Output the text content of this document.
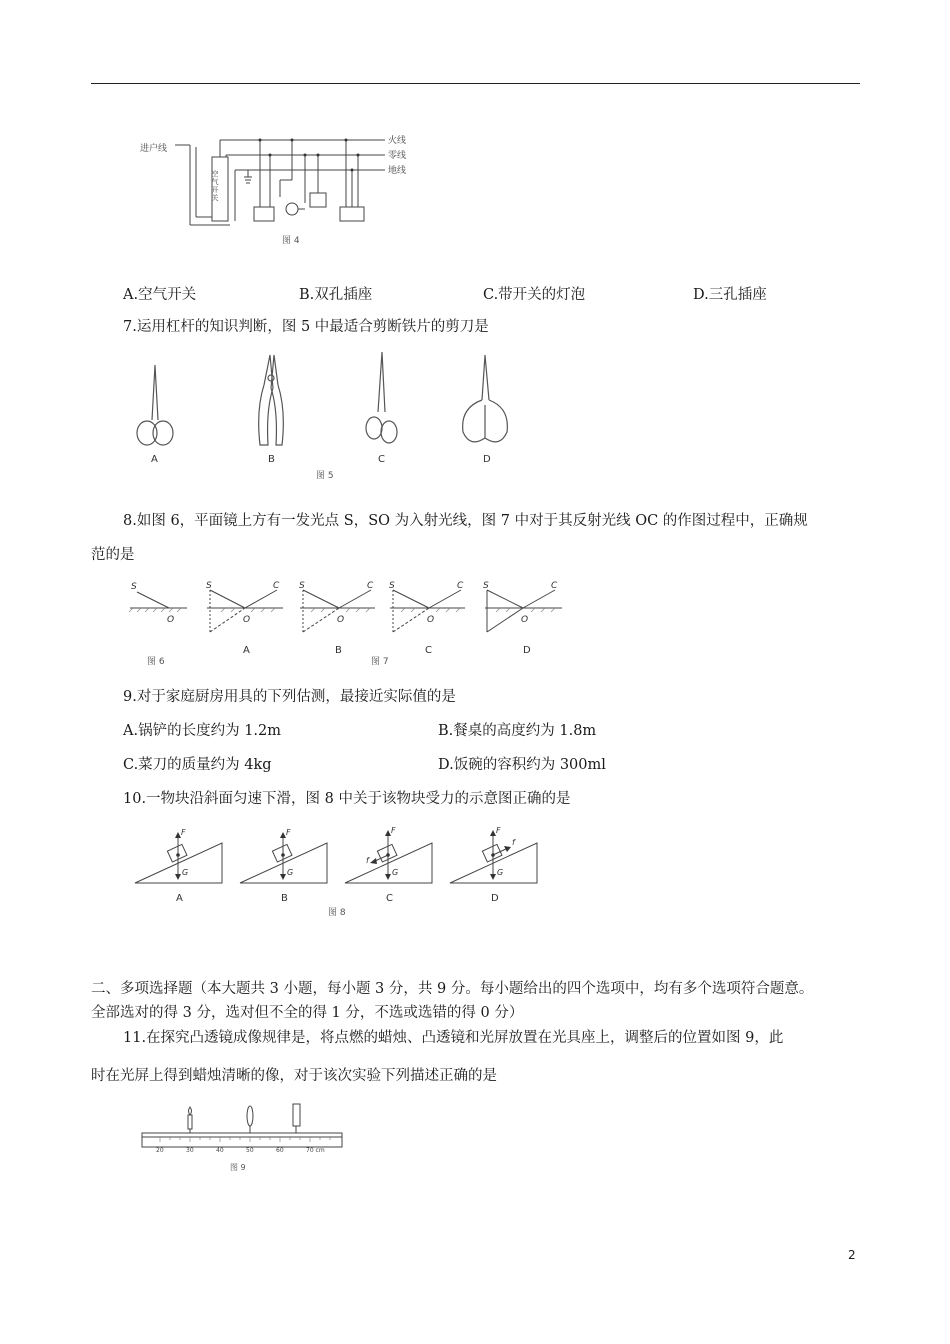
进户线
火线
零线
地线
空气开关
图 4
A.空气开关	B.双孔插座	C.带开关的灯泡	D.三孔插座
7.运用杠杆的知识判断，图 5 中最适合剪断铁片的剪刀是
A	B	C	D
图 5
8.如图 6，平面镜上方有一发光点 S，SO 为入射光线，图 7 中对于其反射光线 OC 的作图过程中，正确规
范的是
S
O
S	C
O
S	C
O
S	C
O
S	C
O
A	B	C	D
图 6	图 7
9.对于家庭厨房用具的下列估测，最接近实际值的是
A.锅铲的长度约为 1.2m	B.餐桌的高度约为 1.8m
C.菜刀的质量约为 4kg	D.饭碗的容积约为 300ml
10.一物块沿斜面匀速下滑，图 8 中关于该物块受力的示意图正确的是
F
G
F
G
F
G
f
F
G
f
A	B	C	D
图 8
二、多项选择题（本大题共 3 小题，每小题 3 分，共 9 分。每小题给出的四个选项中，均有多个选项符合题意。
全部选对的得 3 分，选对但不全的得 1 分，不选或选错的得 0 分）
11.在探究凸透镜成像规律是，将点燃的蜡烛、凸透镜和光屏放置在光具座上，调整后的位置如图 9，此
时在光屏上得到蜡烛清晰的像，对于该次实验下列描述正确的是
20	30	40	50	60	70 cm
图 9
2
